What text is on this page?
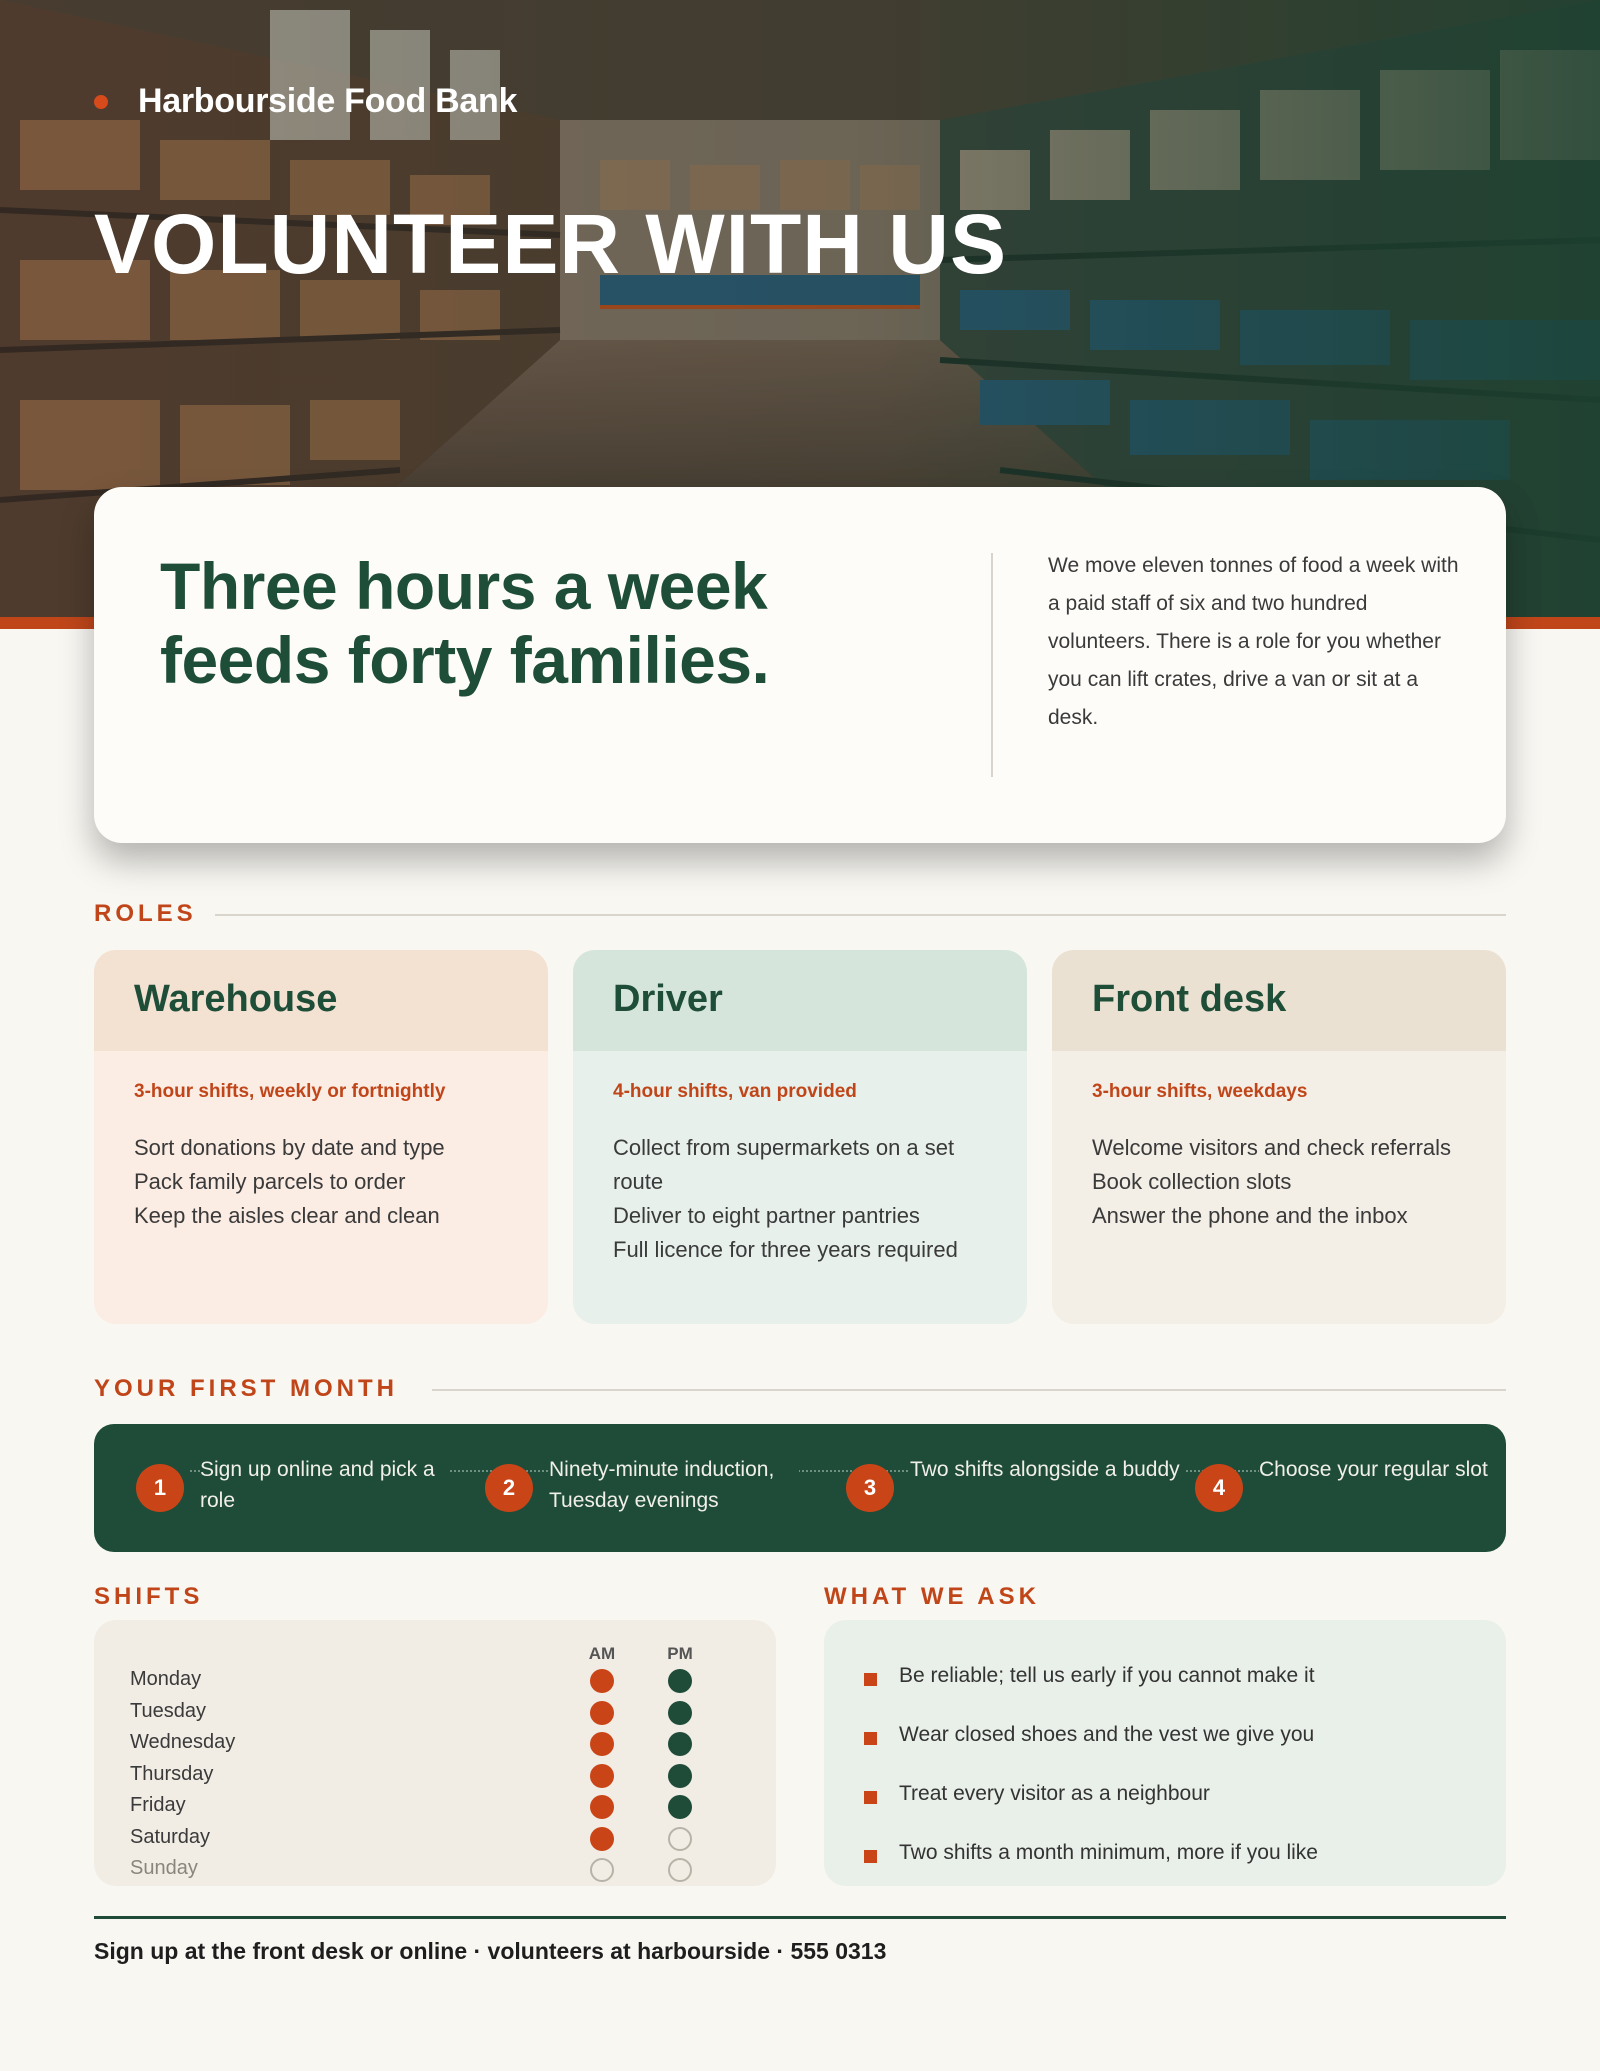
Harbourside Food Bank
VOLUNTEER WITH US
Three hours a week feeds forty families.
We move eleven tonnes of food a week with a paid staff of six and two hundred volunteers. There is a role for you whether you can lift crates, drive a van or sit at a desk.
ROLES
Warehouse
3-hour shifts, weekly or fortnightly
Sort donations by date and type
Pack family parcels to order
Keep the aisles clear and clean
Driver
4-hour shifts, van provided
Collect from supermarkets on a set route
Deliver to eight partner pantries
Full licence for three years required
Front desk
3-hour shifts, weekdays
Welcome visitors and check referrals
Book collection slots
Answer the phone and the inbox
YOUR FIRST MONTH
1
Sign up online and pick a role
2
Ninety-minute induction, Tuesday evenings
3
Two shifts alongside a buddy
4
Choose your regular slot
SHIFTS
AM	PM
Monday
Tuesday
Wednesday
Thursday
Friday
Saturday
Sunday
WHAT WE ASK
Be reliable; tell us early if you cannot make it
Wear closed shoes and the vest we give you
Treat every visitor as a neighbour
Two shifts a month minimum, more if you like
Sign up at the front desk or online · volunteers at harbourside · 555 0313
